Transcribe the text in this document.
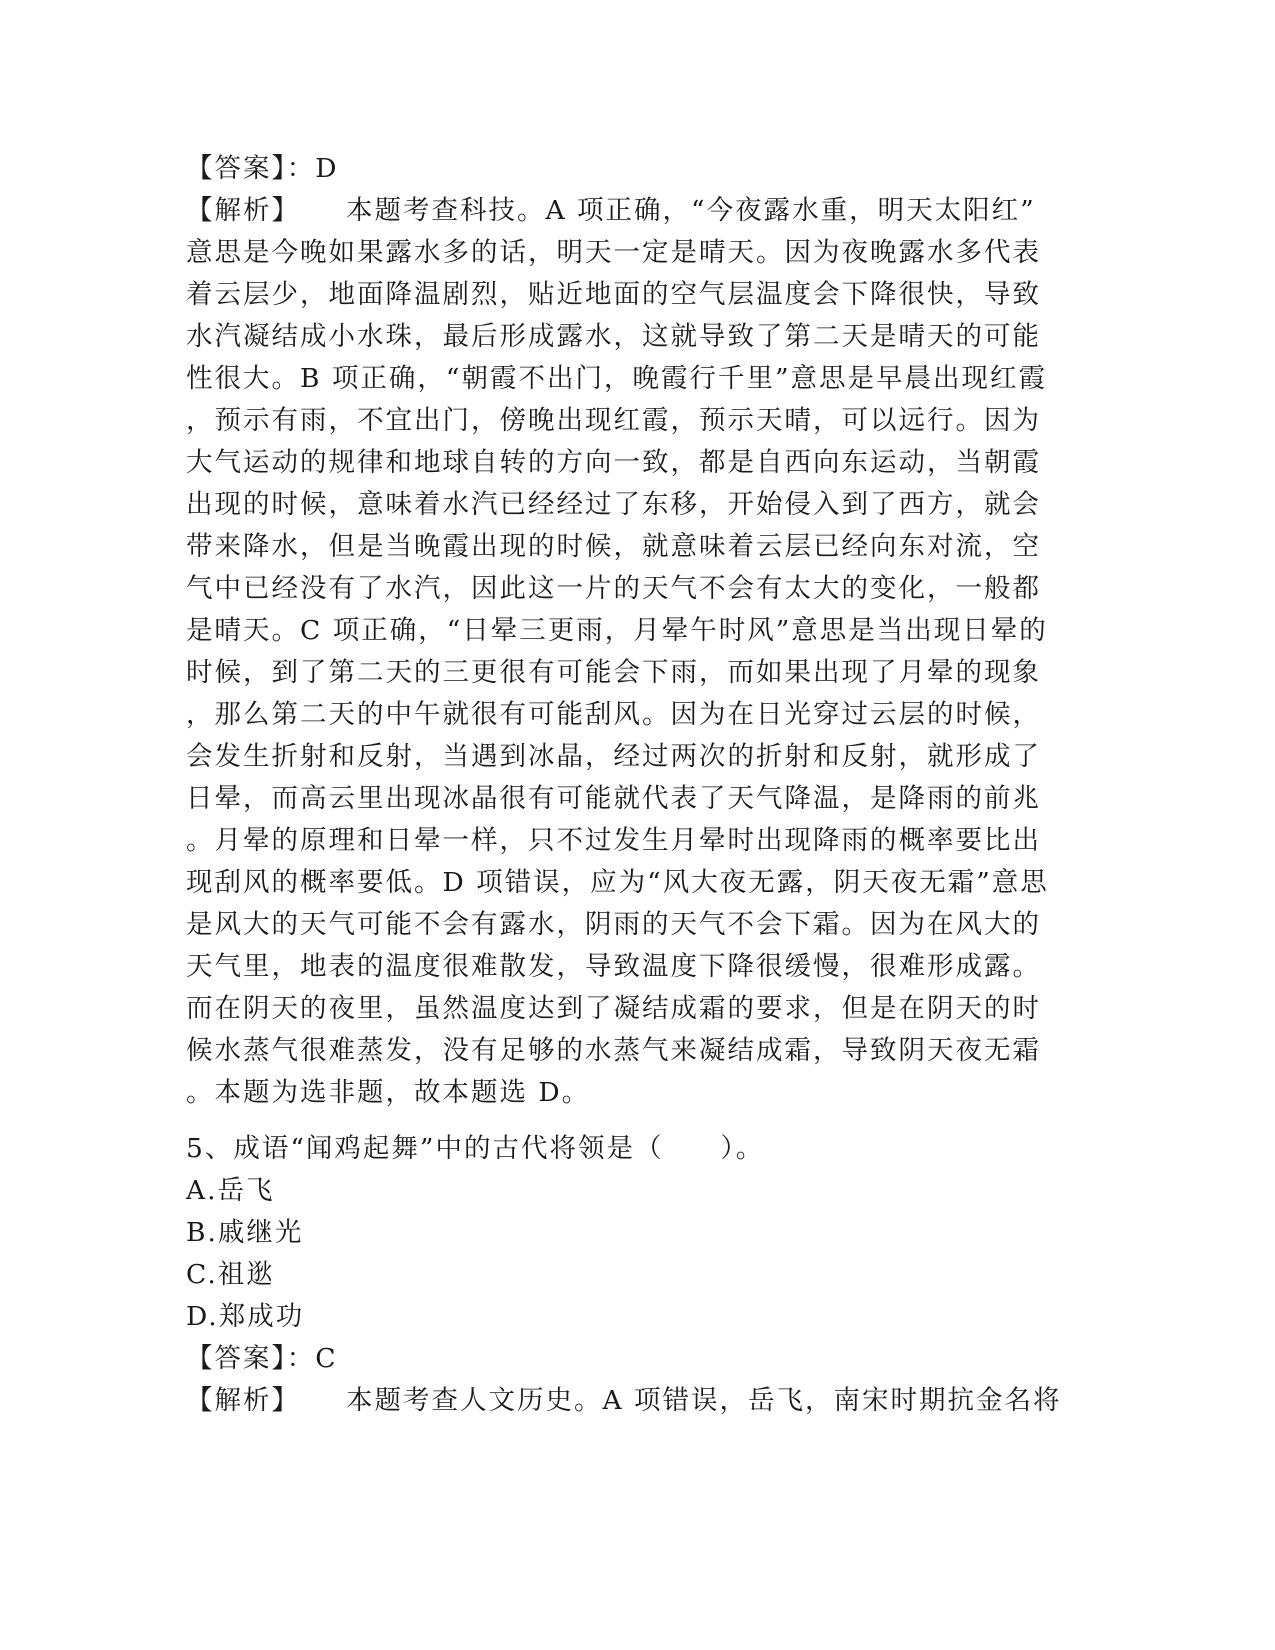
【答案】：D
【解析】 本题考查科技。A 项正确，“今夜露水重，明天太阳红”
意思是今晚如果露水多的话，明天一定是晴天。因为夜晚露水多代表
着云层少，地面降温剧烈，贴近地面的空气层温度会下降很快，导致
水汽凝结成小水珠，最后形成露水，这就导致了第二天是晴天的可能
性很大。B 项正确，“朝霞不出门，晚霞行千里”意思是早晨出现红霞
，预示有雨，不宜出门，傍晚出现红霞，预示天晴，可以远行。因为
大气运动的规律和地球自转的方向一致，都是自西向东运动，当朝霞
出现的时候，意味着水汽已经经过了东移，开始侵入到了西方，就会
带来降水，但是当晚霞出现的时候，就意味着云层已经向东对流，空
气中已经没有了水汽，因此这一片的天气不会有太大的变化，一般都
是晴天。C 项正确，“日晕三更雨，月晕午时风”意思是当出现日晕的
时候，到了第二天的三更很有可能会下雨，而如果出现了月晕的现象
，那么第二天的中午就很有可能刮风。因为在日光穿过云层的时候，
会发生折射和反射，当遇到冰晶，经过两次的折射和反射，就形成了
日晕，而高云里出现冰晶很有可能就代表了天气降温，是降雨的前兆
。月晕的原理和日晕一样，只不过发生月晕时出现降雨的概率要比出
现刮风的概率要低。D 项错误，应为“风大夜无露，阴天夜无霜”意思
是风大的天气可能不会有露水，阴雨的天气不会下霜。因为在风大的
天气里，地表的温度很难散发，导致温度下降很缓慢，很难形成露。
而在阴天的夜里，虽然温度达到了凝结成霜的要求，但是在阴天的时
候水蒸气很难蒸发，没有足够的水蒸气来凝结成霜，导致阴天夜无霜
。本题为选非题，故本题选 D。
5、成语“闻鸡起舞”中的古代将领是（　　）。
A.岳飞
B.戚继光
C.祖逖
D.郑成功
【答案】：C
【解析】 本题考查人文历史。A 项错误，岳飞，南宋时期抗金名将
